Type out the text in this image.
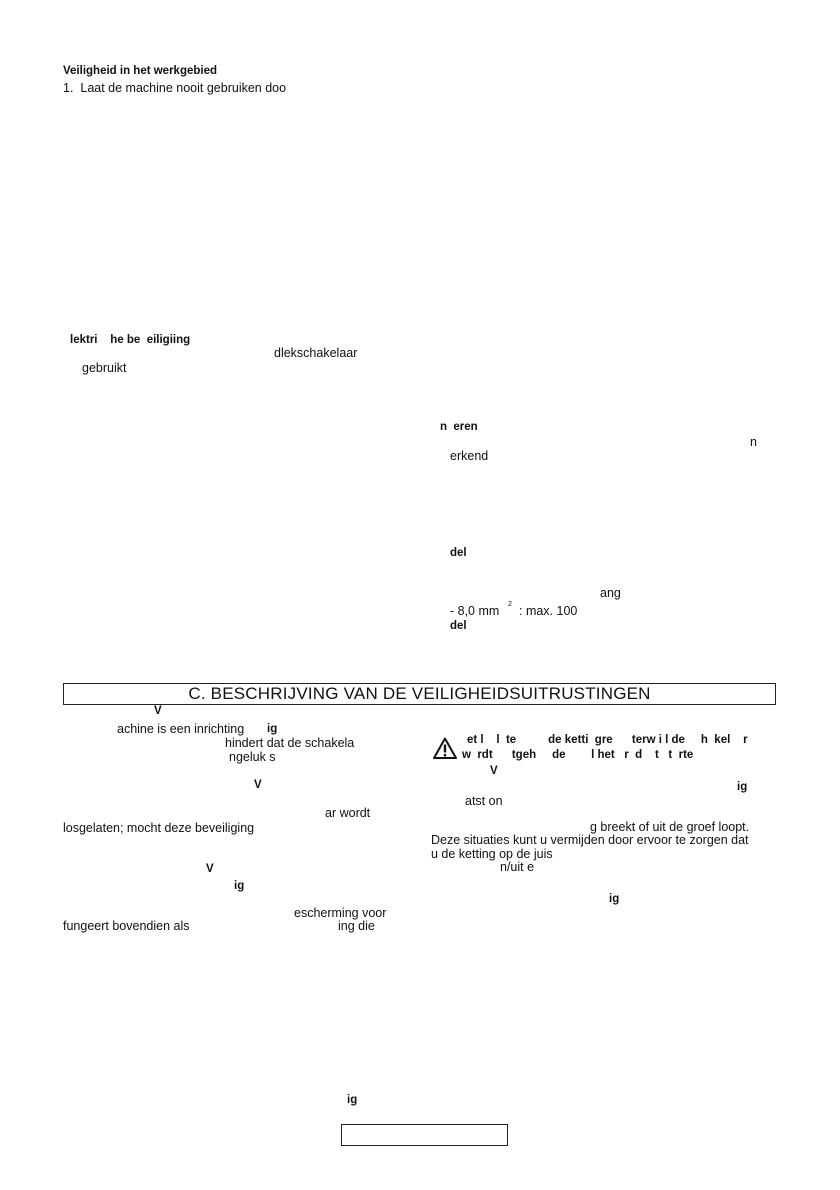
Veiligheid in het werkgebied
1.  Laat de machine nooit gebruiken doo
lektri    he be  eiligiing
dlekschakelaar
gebruikt
C. BESCHRIJVING VAN DE VEILIGHEIDSUITRUSTINGEN
V
achine is een inrichting ig
hindert dat de schakela
ngeluk s
V
ar wordt
losgelaten; mocht deze beveiliging
V
ig
escherming voor
fungeert bovendien als	ing die
ig
n  eren
n
erkend
del
ang
- 8,0 mm 2 : max. 100
del
et l    l  te          de ketti  gre      terw i l de     h  kel    r
w  rdt      tgeh     de        l het   r  d    t   t  rte
V
ig
atst on
g breekt of uit de groef loopt.
Deze situaties kunt u vermijden door ervoor te zorgen dat
u de ketting op de juis
n/uit e
ig
